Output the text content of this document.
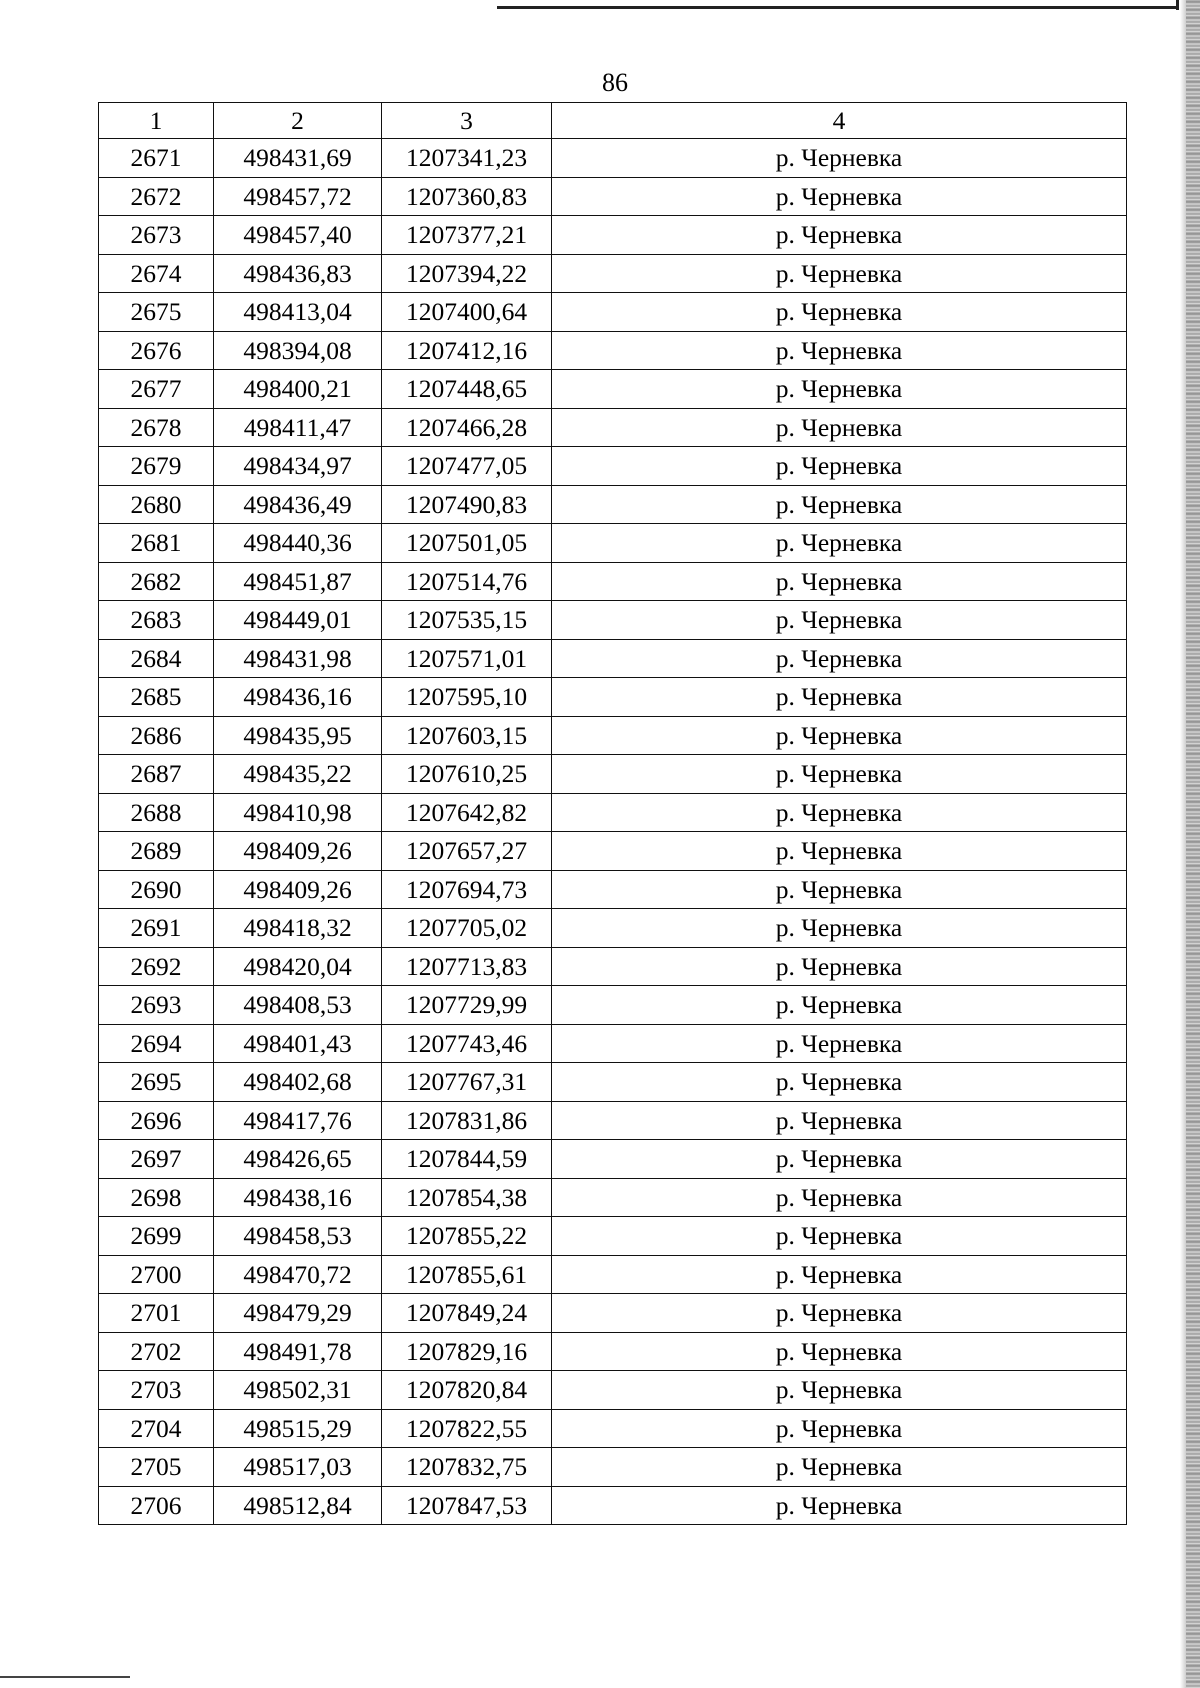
86
1	2	3	4
2671	498431,69	1207341,23	р. Черневка
2672	498457,72	1207360,83	р. Черневка
2673	498457,40	1207377,21	р. Черневка
2674	498436,83	1207394,22	р. Черневка
2675	498413,04	1207400,64	р. Черневка
2676	498394,08	1207412,16	р. Черневка
2677	498400,21	1207448,65	р. Черневка
2678	498411,47	1207466,28	р. Черневка
2679	498434,97	1207477,05	р. Черневка
2680	498436,49	1207490,83	р. Черневка
2681	498440,36	1207501,05	р. Черневка
2682	498451,87	1207514,76	р. Черневка
2683	498449,01	1207535,15	р. Черневка
2684	498431,98	1207571,01	р. Черневка
2685	498436,16	1207595,10	р. Черневка
2686	498435,95	1207603,15	р. Черневка
2687	498435,22	1207610,25	р. Черневка
2688	498410,98	1207642,82	р. Черневка
2689	498409,26	1207657,27	р. Черневка
2690	498409,26	1207694,73	р. Черневка
2691	498418,32	1207705,02	р. Черневка
2692	498420,04	1207713,83	р. Черневка
2693	498408,53	1207729,99	р. Черневка
2694	498401,43	1207743,46	р. Черневка
2695	498402,68	1207767,31	р. Черневка
2696	498417,76	1207831,86	р. Черневка
2697	498426,65	1207844,59	р. Черневка
2698	498438,16	1207854,38	р. Черневка
2699	498458,53	1207855,22	р. Черневка
2700	498470,72	1207855,61	р. Черневка
2701	498479,29	1207849,24	р. Черневка
2702	498491,78	1207829,16	р. Черневка
2703	498502,31	1207820,84	р. Черневка
2704	498515,29	1207822,55	р. Черневка
2705	498517,03	1207832,75	р. Черневка
2706	498512,84	1207847,53	р. Черневка
